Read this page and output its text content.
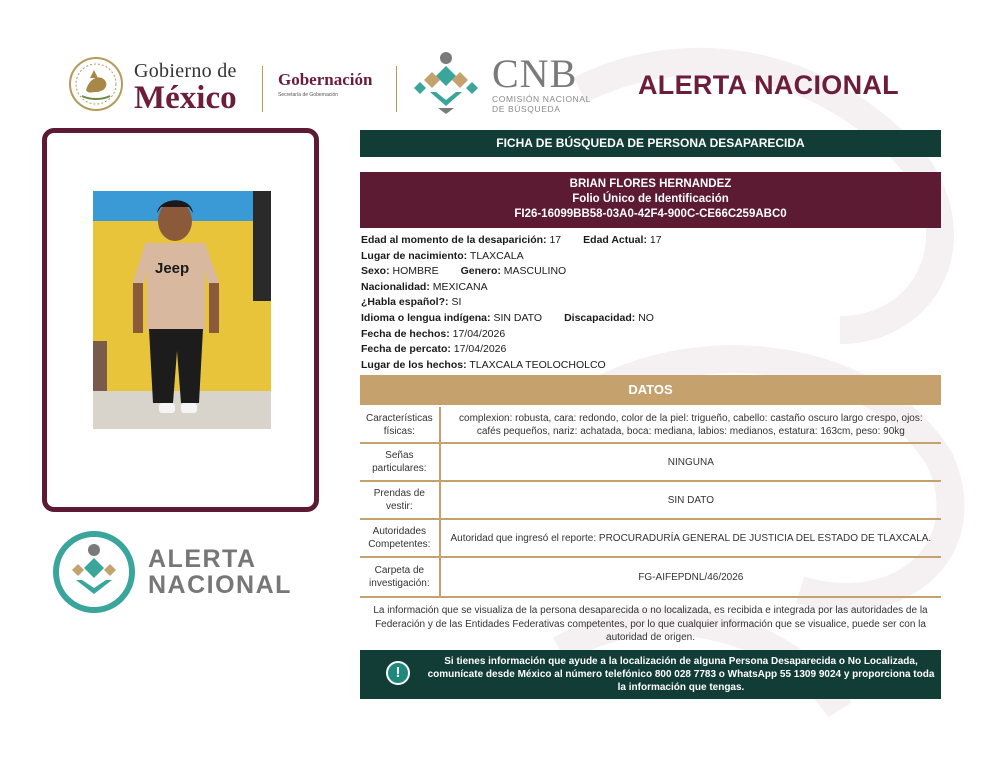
Gobierno de
México
Gobernación
Secretaría de Gobernación	CNB
COMISIÓN NACIONAL
DE BÚSQUEDA
ALERTA NACIONAL
Jeep
ALERTA
NACIONAL
FICHA DE BÚSQUEDA DE PERSONA DESAPARECIDA
BRIAN FLORES HERNANDEZ
Folio Único de Identificación
FI26-16099BB58-03A0-42F4-900C-CE66C259ABC0
Edad al momento de la desaparición: 17 Edad Actual: 17
Lugar de nacimiento: TLAXCALA
Sexo: HOMBRE Genero: MASCULINO
Nacionalidad: MEXICANA
¿Habla español?: SI
Idioma o lengua indígena: SIN DATO Discapacidad: NO
Fecha de hechos: 17/04/2026
Fecha de percato: 17/04/2026
Lugar de los hechos: TLAXCALA TEOLOCHOLCO
DATOS
Características físicas:	complexion: robusta, cara: redondo, color de la piel: trigueño, cabello: castaño oscuro largo crespo, ojos: cafés pequeños, nariz: achatada, boca: mediana, labios: medianos, estatura: 163cm, peso: 90kg
Señas particulares:	NINGUNA
Prendas de vestir:	SIN DATO
Autoridades Competentes:	Autoridad que ingresó el reporte: PROCURADURÍA GENERAL DE JUSTICIA DEL ESTADO DE TLAXCALA.
Carpeta de investigación:	FG-AIFEPDNL/46/2026
La información que se visualiza de la persona desaparecida o no localizada, es recibida e integrada por las autoridades de la Federación y de las Entidades Federativas competentes, por lo que cualquier información que se visualice, puede ser con la autoridad de origen.
!
Si tienes información que ayude a la localización de alguna Persona Desaparecida o No Localizada, comunícate desde México al número telefónico 800 028 7783 o WhatsApp 55 1309 9024 y proporciona toda la información que tengas.
